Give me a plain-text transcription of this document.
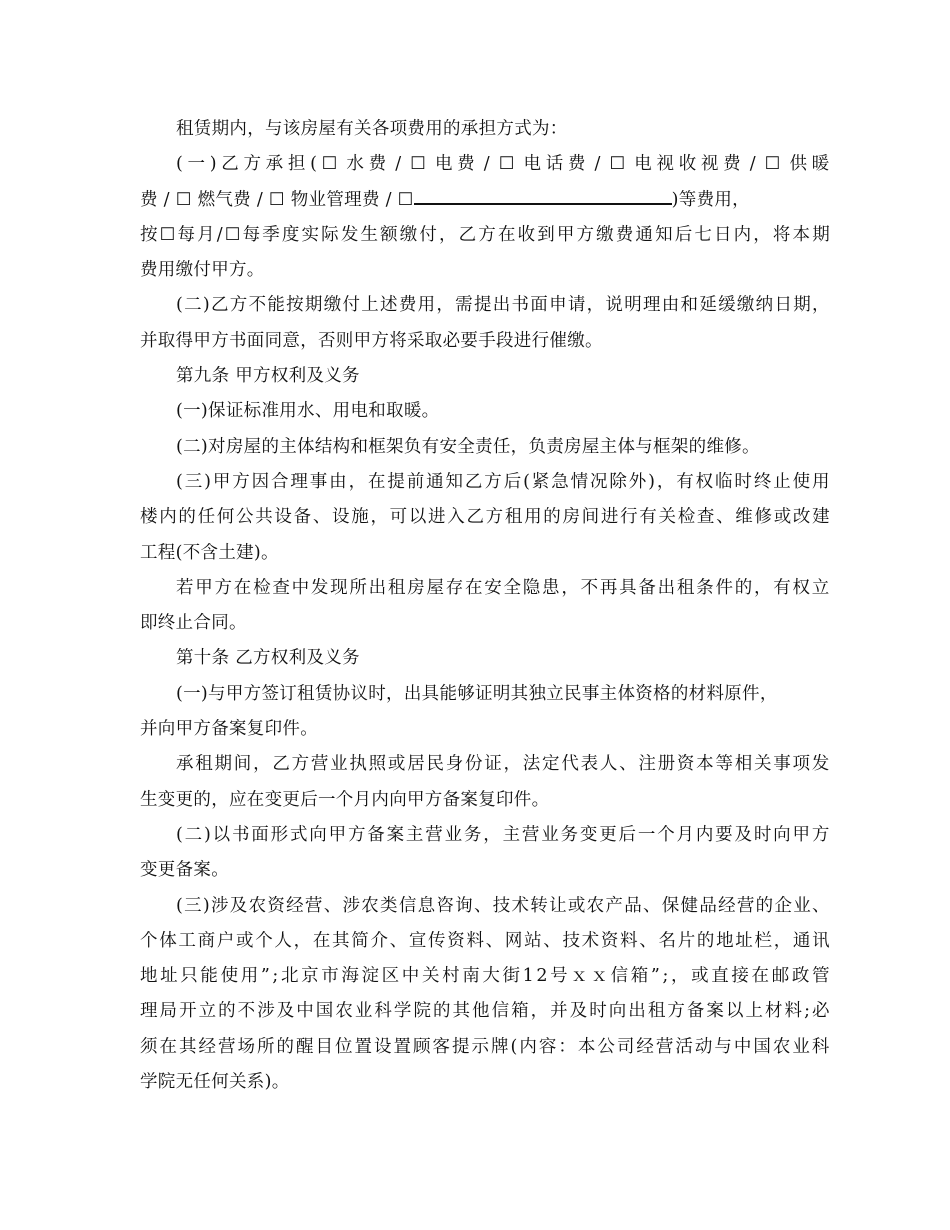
租赁期内，与该房屋有关各项费用的承担方式为：
( 一 ) 乙 方 承 担 ( ☐ 水 费 / ☐ 电 费 / ☐ 电 话 费 / ☐ 电 视 收 视 费 / ☐ 供 暖
费 / ☐ 燃气费 / ☐ 物业管理费 / ☐	)等费用，
按 ☐ 每 月 / ☐ 每 季 度 实 际 发 生 额 缴 付 ， 乙 方 在 收 到 甲 方 缴 费 通 知 后 七 日 内 ， 将 本 期
费用缴付甲方。
( 二 ) 乙 方 不 能 按 期 缴 付 上 述 费 用 ， 需 提 出 书 面 申 请 ， 说 明 理 由 和 延 缓 缴 纳 日 期 ，
并取得甲方书面同意，否则甲方将采取必要手段进行催缴。
第九条 甲方权利及义务
(一)保证标准用水、用电和取暖。
(二)对房屋的主体结构和框架负有安全责任，负责房屋主体与框架的维修。
( 三 ) 甲 方 因 合 理 事 由 ， 在 提 前 通 知 乙 方 后 ( 紧 急 情 况 除 外 ) ， 有 权 临 时 终 止 使 用
楼 内 的 任 何 公 共 设 备 、 设 施 ， 可 以 进 入 乙 方 租 用 的 房 间 进 行 有 关 检 查 、 维 修 或 改 建
工程(不含土建)。
若 甲 方 在 检 查 中 发 现 所 出 租 房 屋 存 在 安 全 隐 患 ， 不 再 具 备 出 租 条 件 的 ， 有 权 立
即终止合同。
第十条 乙方权利及义务
(一)与甲方签订租赁协议时，出具能够证明其独立民事主体资格的材料原件，
并向甲方备案复印件。
承 租 期 间 ， 乙 方 营 业 执 照 或 居 民 身 份 证 ， 法 定 代 表 人 、 注 册 资 本 等 相 关 事 项 发
生变更的，应在变更后一个月内向甲方备案复印件。
( 二 ) 以 书 面 形 式 向 甲 方 备 案 主 营 业 务 ， 主 营 业 务 变 更 后 一 个 月 内 要 及 时 向 甲 方
变更备案。
( 三 ) 涉 及 农 资 经 营 、 涉 农 类 信 息 咨 询 、 技 术 转 让 或 农 产 品 、 保 健 品 经 营 的 企 业 、
个 体 工 商 户 或 个 人 ， 在 其 简 介 、 宣 传 资 料 、 网 站 、 技 术 资 料 、 名 片 的 地 址 栏 ， 通 讯
地 址 只 能 使 用 ” ; 北 京 市 海 淀 区 中 关 村 南 大 街 1 2 号 ｘ ｘ 信 箱 ” ; ， 或 直 接 在 邮 政 管
理 局 开 立 的 不 涉 及 中 国 农 业 科 学 院 的 其 他 信 箱 ， 并 及 时 向 出 租 方 备 案 以 上 材 料 ; 必
须 在 其 经 营 场 所 的 醒 目 位 置 设 置 顾 客 提 示 牌 ( 内 容 ： 本 公 司 经 营 活 动 与 中 国 农 业 科
学院无任何关系)。
